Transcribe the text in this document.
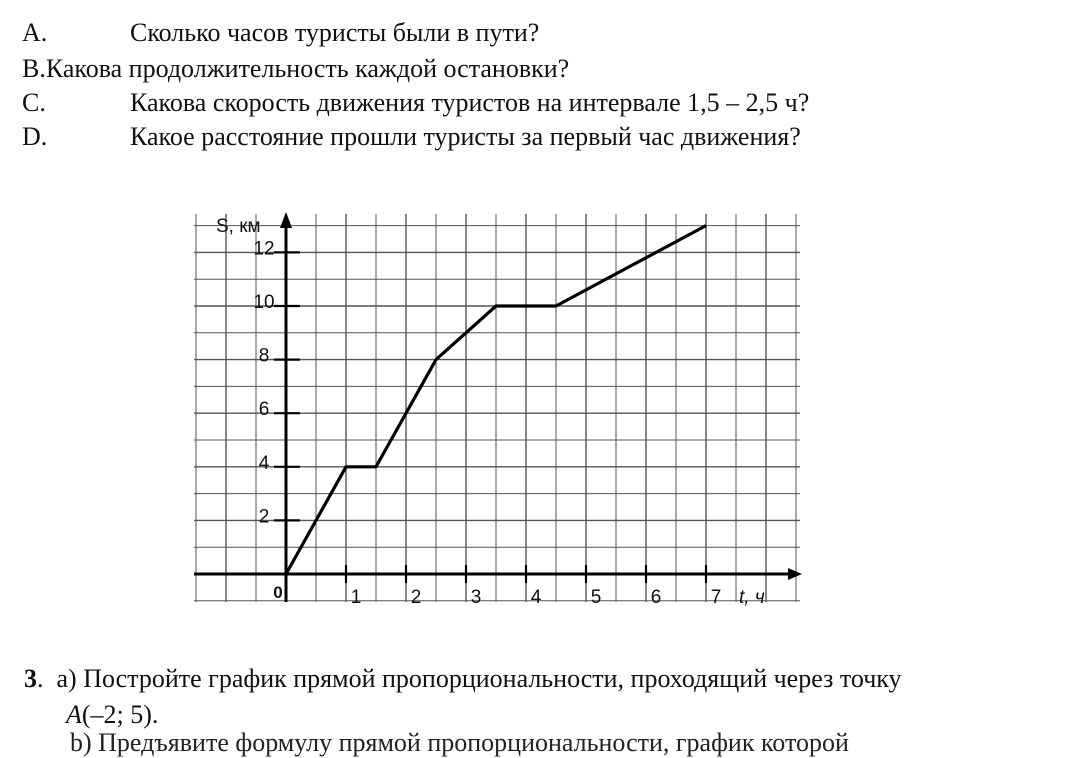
A.	Сколько часов туристы были в пути?
B.Какова продолжительность каждой остановки?
C.	Какова скорость движения туристов на интервале 1,5 – 2,5 ч?
D.	Какое расстояние прошли туристы за первый час движения?
1	2	3	4	5	6	7
2
4
6
8
10
12
0
S, км
t, ч
3.  а) Постройте график прямой пропорциональности, проходящий через точку
A(–2; 5).
b) Предъявите формулу прямой пропорциональности, график которой
